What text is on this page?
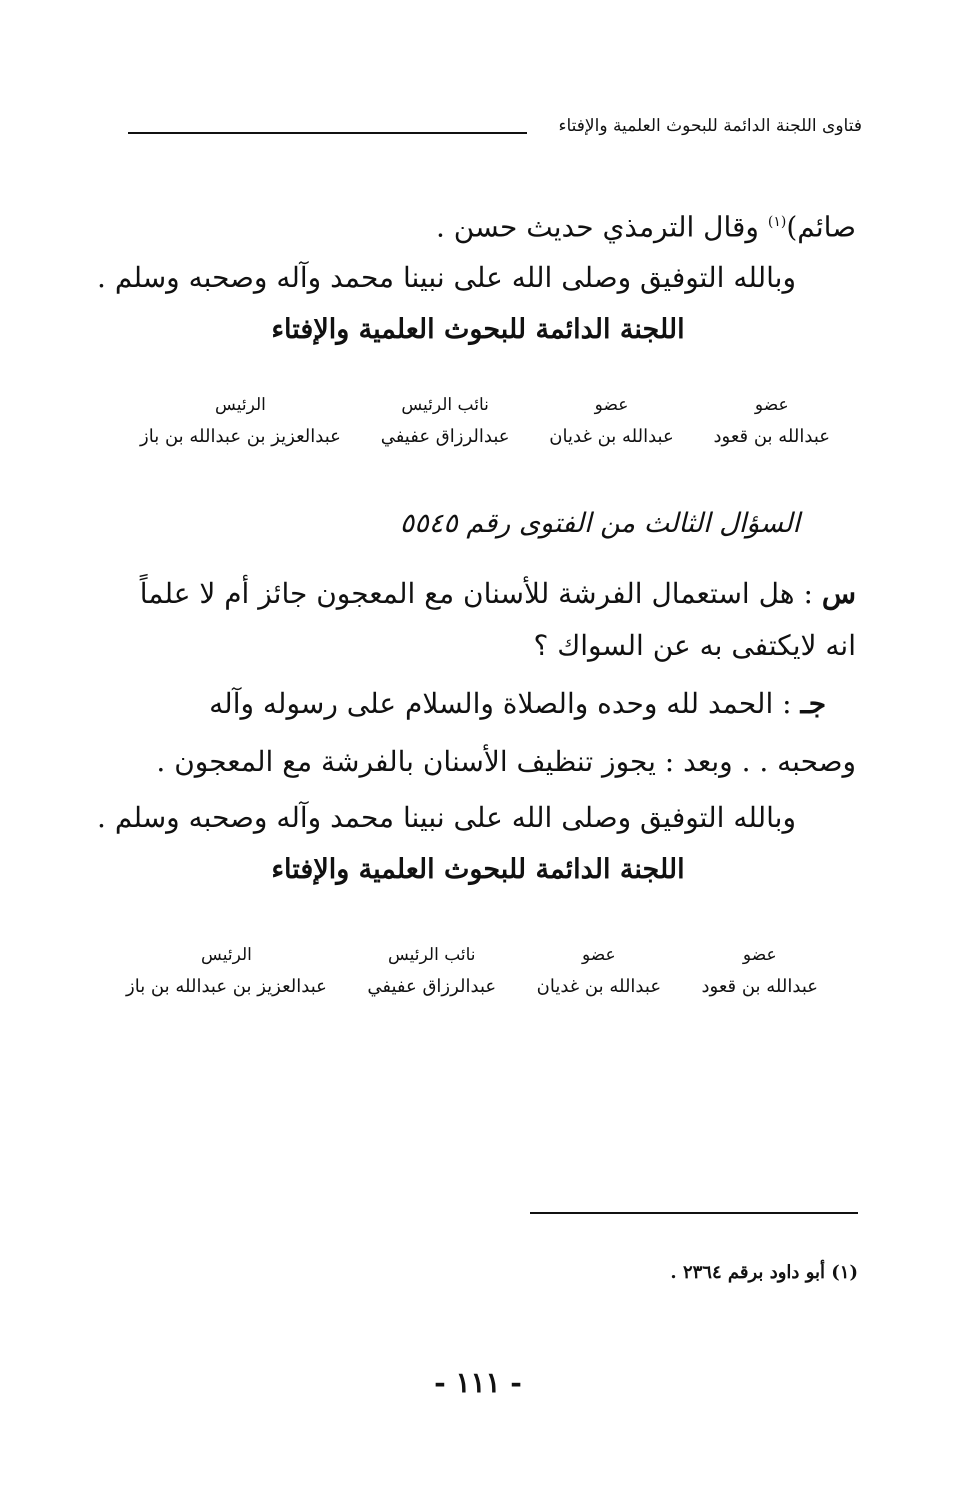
فتاوى اللجنة الدائمة للبحوث العلمية والإفتاء
صائم)$^{(١)}$ وقال الترمذي حديث حسن .
وبالله التوفيق وصلى الله على نبينا محمد وآله وصحبه وسلم .
اللجنة الدائمة للبحوث العلمية والإفتاء
عضو
عبدالله بن قعود
عضو
عبدالله بن غديان
نائب الرئيس
عبدالرزاق عفيفي
الرئيس
عبدالعزيز بن عبدالله بن باز
السؤال الثالث من الفتوى رقم ٥٥٤٥
س : هل استعمال الفرشة للأسنان مع المعجون جائز أم لا علماً
انه لايكتفى به عن السواك ؟
جـ : الحمد لله وحده والصلاة والسلام على رسوله وآله
وصحبه . . وبعد : يجوز تنظيف الأسنان بالفرشة مع المعجون .
وبالله التوفيق وصلى الله على نبينا محمد وآله وصحبه وسلم .
اللجنة الدائمة للبحوث العلمية والإفتاء
عضو
عبدالله بن قعود
عضو
عبدالله بن غديان
نائب الرئيس
عبدالرزاق عفيفي
الرئيس
عبدالعزيز بن عبدالله بن باز
(١) أبو داود برقم ٢٣٦٤ .
- ١١١ -
